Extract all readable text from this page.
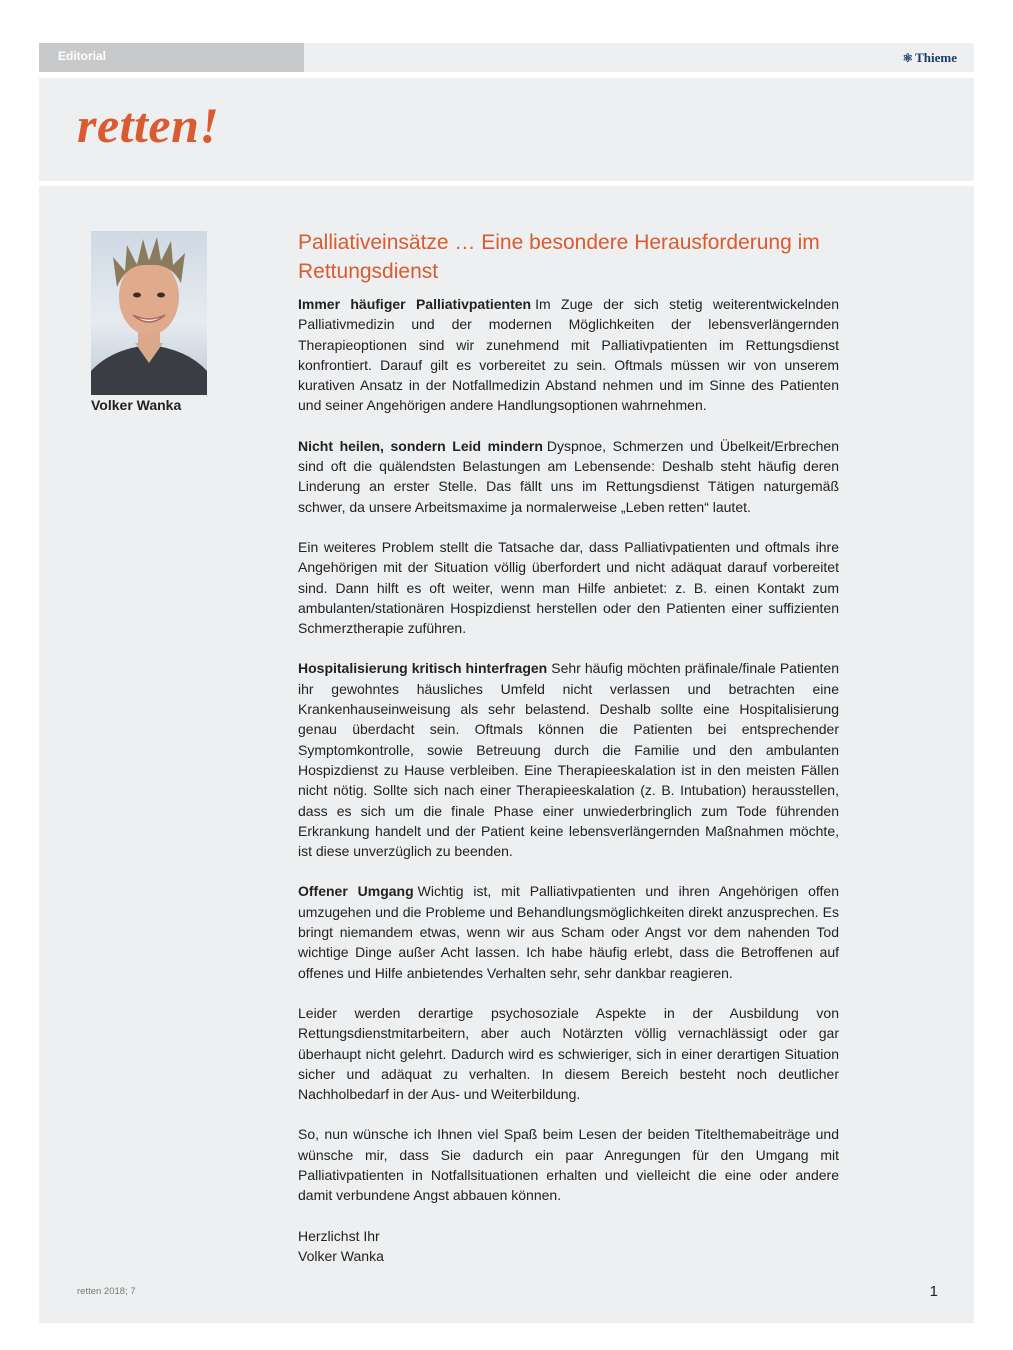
Editorial	⚛ Thieme
retten!
Volker Wanka
Palliativeinsätze … Eine besondere Herausforderung im Rettungsdienst

Immer häufiger Palliativpatienten Im Zuge der sich stetig weiterentwickelnden Palliativmedizin und der modernen Möglichkeiten der lebensverlängernden Therapieoptionen sind wir zunehmend mit Palliativpatienten im Rettungsdienst konfrontiert. Darauf gilt es vorbereitet zu sein. Oftmals müssen wir von unserem kurativen Ansatz in der Notfallmedizin Abstand nehmen und im Sinne des Patienten und seiner Angehörigen andere Handlungsoptionen wahrnehmen.

Nicht heilen, sondern Leid mindern Dyspnoe, Schmerzen und Übelkeit/Erbrechen sind oft die quälendsten Belastungen am Lebensende: Deshalb steht häufig deren Linderung an erster Stelle. Das fällt uns im Rettungsdienst Tätigen naturgemäß schwer, da unsere Arbeitsmaxime ja normalerweise „Leben retten“ lautet.

Ein weiteres Problem stellt die Tatsache dar, dass Palliativpatienten und oftmals ihre Angehörigen mit der Situation völlig überfordert und nicht adäquat darauf vorbereitet sind. Dann hilft es oft weiter, wenn man Hilfe anbietet: z. B. einen Kontakt zum ambulanten/stationären Hospizdienst herstellen oder den Patienten einer suffizienten Schmerztherapie zuführen.

Hospitalisierung kritisch hinterfragen Sehr häufig möchten präfinale/finale Patienten ihr gewohntes häusliches Umfeld nicht verlassen und betrachten eine Krankenhauseinweisung als sehr belastend. Deshalb sollte eine Hospitalisierung genau überdacht sein. Oftmals können die Patienten bei entsprechender Symptomkontrolle, sowie Betreuung durch die Familie und den ambulanten Hospizdienst zu Hause verbleiben. Eine Therapieeskalation ist in den meisten Fällen nicht nötig. Sollte sich nach einer Therapieeskalation (z. B. Intubation) herausstellen, dass es sich um die finale Phase einer unwiederbringlich zum Tode führenden Erkrankung handelt und der Patient keine lebensverlängernden Maßnahmen möchte, ist diese unverzüglich zu beenden.

Offener Umgang Wichtig ist, mit Palliativpatienten und ihren Angehörigen offen umzugehen und die Probleme und Behandlungsmöglichkeiten direkt anzusprechen. Es bringt niemandem etwas, wenn wir aus Scham oder Angst vor dem nahenden Tod wichtige Dinge außer Acht lassen. Ich habe häufig erlebt, dass die Betroffenen auf offenes und Hilfe anbietendes Verhalten sehr, sehr dankbar reagieren.

Leider werden derartige psychosoziale Aspekte in der Ausbildung von Rettungsdienstmitarbeitern, aber auch Notärzten völlig vernachlässigt oder gar überhaupt nicht gelehrt. Dadurch wird es schwieriger, sich in einer derartigen Situation sicher und adäquat zu verhalten. In diesem Bereich besteht noch deutlicher Nachholbedarf in der Aus- und Weiterbildung.

So, nun wünsche ich Ihnen viel Spaß beim Lesen der beiden Titelthemabeiträge und wünsche mir, dass Sie dadurch ein paar Anregungen für den Umgang mit Palliativpatienten in Notfallsituationen erhalten und vielleicht die eine oder andere damit verbundene Angst abbauen können.

Herzlichst Ihr

Volker Wanka

retten 2018; 7	1
